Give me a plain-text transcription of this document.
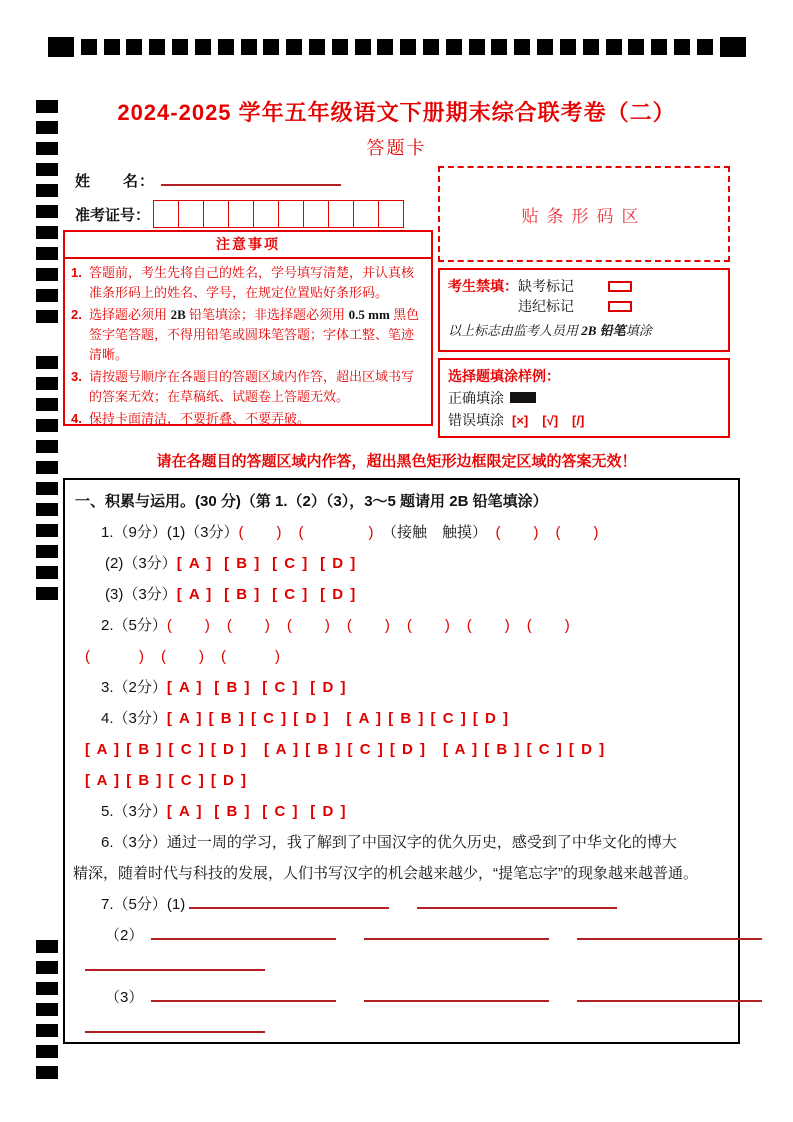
2024-2025 学年五年级语文下册期末综合联考卷（二）
答题卡
姓　　名：
准考证号：
注意事项
1. 答题前，考生先将自己的姓名，学号填写清楚，并认真核准条形码上的姓名、学号，在规定位置贴好条形码。
2. 选择题必须用 2B 铅笔填涂；非选择题必须用 0.5 mm 黑色签字笔答题，不得用铅笔或圆珠笔答题；字体工整、笔迹清晰。
3. 请按题号顺序在各题目的答题区域内作答，超出区域书写的答案无效；在草稿纸、试题卷上答题无效。
4. 保持卡面清洁，不要折叠、不要弄破。
贴条形码区
考生禁填： 缺考标记
违纪标记
以上标志由监考人员用 2B 铅笔填涂
选择题填涂样例：
正确填涂
错误填涂 [×] [√] [/]
请在各题目的答题区域内作答，超出黑色矩形边框限定区域的答案无效！
一、积累与运用。(30 分)（第 1.（2）（3），3～5 题请用 2B 铅笔填涂）
1.（9分）(1)（3分）(　　)　(　　　　)　（接触　触摸）　(　　)　(　　)
(2)（3分）[ A ]  [ B ]  [ C ]  [ D ]
(3)（3分）[ A ]  [ B ]  [ C ]  [ D ]
2.（5分）(　　)　(　　)　(　　)　(　　)　(　　)　(　　)　(　　)
(　　　)　(　　)　(　　　)
3.（2分）[ A ]  [ B ]  [ C ]  [ D ]
4.（3分）[ A ] [ B ] [ C ] [ D ]　[ A ] [ B ] [ C ] [ D ]
[ A ] [ B ] [ C ] [ D ]　[ A ] [ B ] [ C ] [ D ]　[ A ] [ B ] [ C ] [ D ]
[ A ] [ B ] [ C ] [ D ]
5.（3分）[ A ]  [ B ]  [ C ]  [ D ]
6.（3分）通过一周的学习，我了解到了中国汉字的优久历史，感受到了中华文化的博大
精深，随着时代与科技的发展，人们书写汉字的机会越来越少，“提笔忘字”的现象越来越普通。
7.（5分）(1)
（2）
（3）
